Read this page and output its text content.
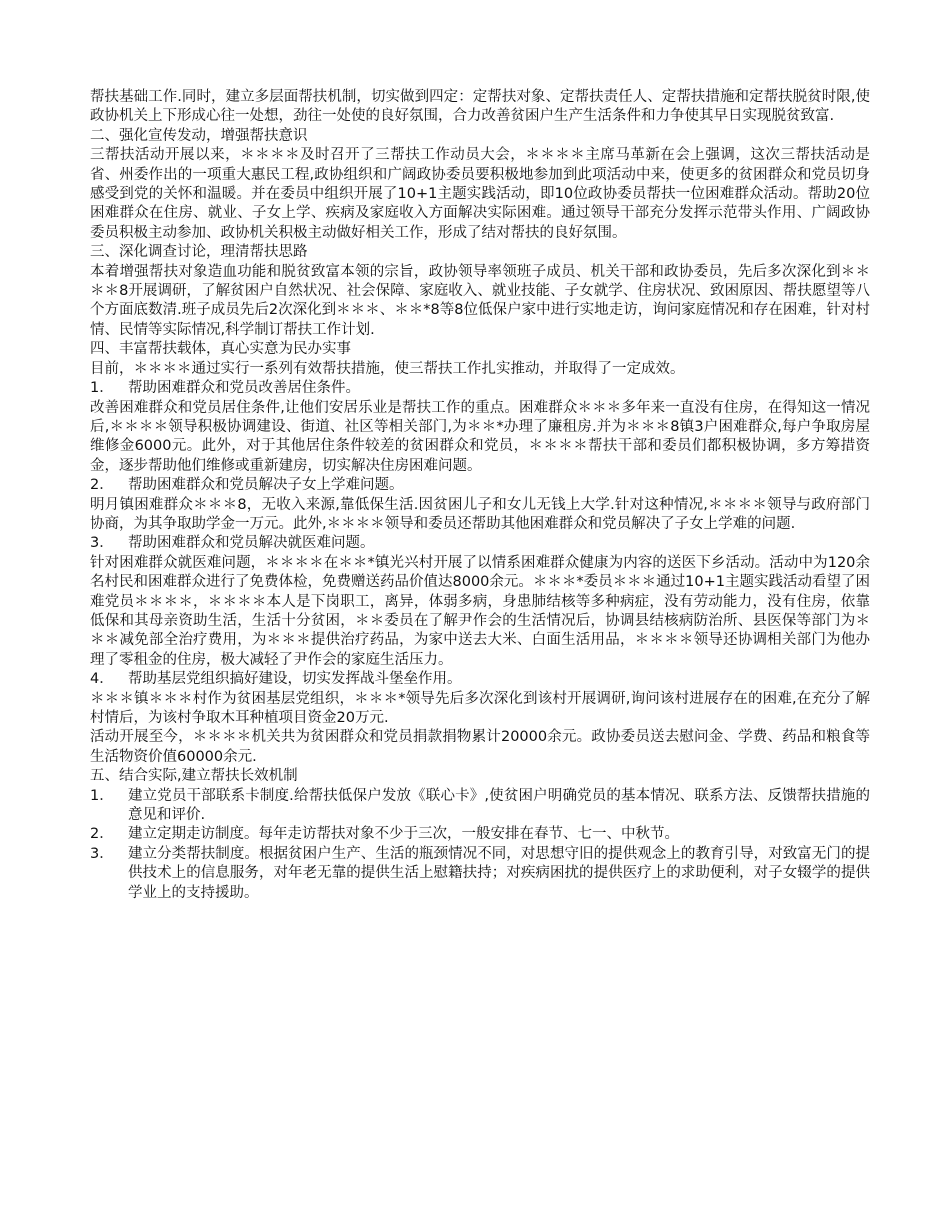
帮扶基础工作.同时，建立多层面帮扶机制，切实做到四定：定帮扶对象、定帮扶责任人、定帮扶措施和定帮扶脱贫时限,使政协机关上下形成心往一处想，劲往一处使的良好氛围，合力改善贫困户生产生活条件和力争使其早日实现脱贫致富.

二、强化宣传发动，增强帮扶意识

三帮扶活动开展以来，＊＊＊＊及时召开了三帮扶工作动员大会，＊＊＊＊主席马革新在会上强调，这次三帮扶活动是省、州委作出的一项重大惠民工程,政协组织和广阔政协委员要积极地参加到此项活动中来，使更多的贫困群众和党员切身感受到党的关怀和温暖。并在委员中组织开展了10+1主题实践活动，即10位政协委员帮扶一位困难群众活动。帮助20位困难群众在住房、就业、子女上学、疾病及家庭收入方面解决实际困难。通过领导干部充分发挥示范带头作用、广阔政协委员积极主动参加、政协机关积极主动做好相关工作，形成了结对帮扶的良好氛围。

三、深化调查讨论，理清帮扶思路

本着增强帮扶对象造血功能和脱贫致富本领的宗旨，政协领导率领班子成员、机关干部和政协委员，先后多次深化到＊＊＊＊8开展调研，了解贫困户自然状况、社会保障、家庭收入、就业技能、子女就学、住房状况、致困原因、帮扶愿望等八个方面底数清.班子成员先后2次深化到＊＊＊、＊＊*8等8位低保户家中进行实地走访，询问家庭情况和存在困难，针对村情、民情等实际情况,科学制订帮扶工作计划.

四、丰富帮扶载体，真心实意为民办实事

目前，＊＊＊＊通过实行一系列有效帮扶措施，使三帮扶工作扎实推动，并取得了一定成效。

1． 帮助困难群众和党员改善居住条件。

改善困难群众和党员居住条件,让他们安居乐业是帮扶工作的重点。困难群众＊＊＊多年来一直没有住房，在得知这一情况后,＊＊＊＊领导积极协调建设、街道、社区等相关部门,为＊＊*办理了廉租房.并为＊＊＊8镇3户困难群众,每户争取房屋维修金6000元。此外，对于其他居住条件较差的贫困群众和党员，＊＊＊＊帮扶干部和委员们都积极协调，多方筹措资金，逐步帮助他们维修或重新建房，切实解决住房困难问题。

2． 帮助困难群众和党员解决子女上学难问题。

明月镇困难群众＊＊＊8，无收入来源,靠低保生活.因贫困儿子和女儿无钱上大学.针对这种情况,＊＊＊＊领导与政府部门协商，为其争取助学金一万元。此外,＊＊＊＊领导和委员还帮助其他困难群众和党员解决了子女上学难的问题.

3． 帮助困难群众和党员解决就医难问题。

针对困难群众就医难问题，＊＊＊＊在＊＊*镇光兴村开展了以情系困难群众健康为内容的送医下乡活动。活动中为120余名村民和困难群众进行了免费体检，免费赠送药品价值达8000余元。＊＊＊*委员＊＊＊通过10+1主题实践活动看望了困难党员＊＊＊＊，＊＊＊＊本人是下岗职工，离异，体弱多病，身患肺结核等多种病症，没有劳动能力，没有住房，依靠低保和其母亲资助生活，生活十分贫困，＊＊委员在了解尹作会的生活情况后，协调县结核病防治所、县医保等部门为＊＊＊减免部全治疗费用，为＊＊＊提供治疗药品，为家中送去大米、白面生活用品，＊＊＊＊领导还协调相关部门为他办理了零租金的住房，极大减轻了尹作会的家庭生活压力。

4． 帮助基层党组织搞好建设，切实发挥战斗堡垒作用。

＊＊＊镇＊＊＊村作为贫困基层党组织，＊＊＊*领导先后多次深化到该村开展调研,询问该村进展存在的困难,在充分了解村情后，为该村争取木耳种植项目资金20万元.

活动开展至今，＊＊＊＊机关共为贫困群众和党员捐款捐物累计20000余元。政协委员送去慰问金、学费、药品和粮食等生活物资价值60000余元.

五、结合实际,建立帮扶长效机制

1． 建立党员干部联系卡制度.给帮扶低保户发放《联心卡》,使贫困户明确党员的基本情况、联系方法、反馈帮扶措施的意见和评价.
2． 建立定期走访制度。每年走访帮扶对象不少于三次，一般安排在春节、七一、中秋节。
3． 建立分类帮扶制度。根据贫困户生产、生活的瓶颈情况不同，对思想守旧的提供观念上的教育引导，对致富无门的提供技术上的信息服务，对年老无靠的提供生活上慰籍扶持；对疾病困扰的提供医疗上的求助便利，对子女辍学的提供学业上的支持援助。
